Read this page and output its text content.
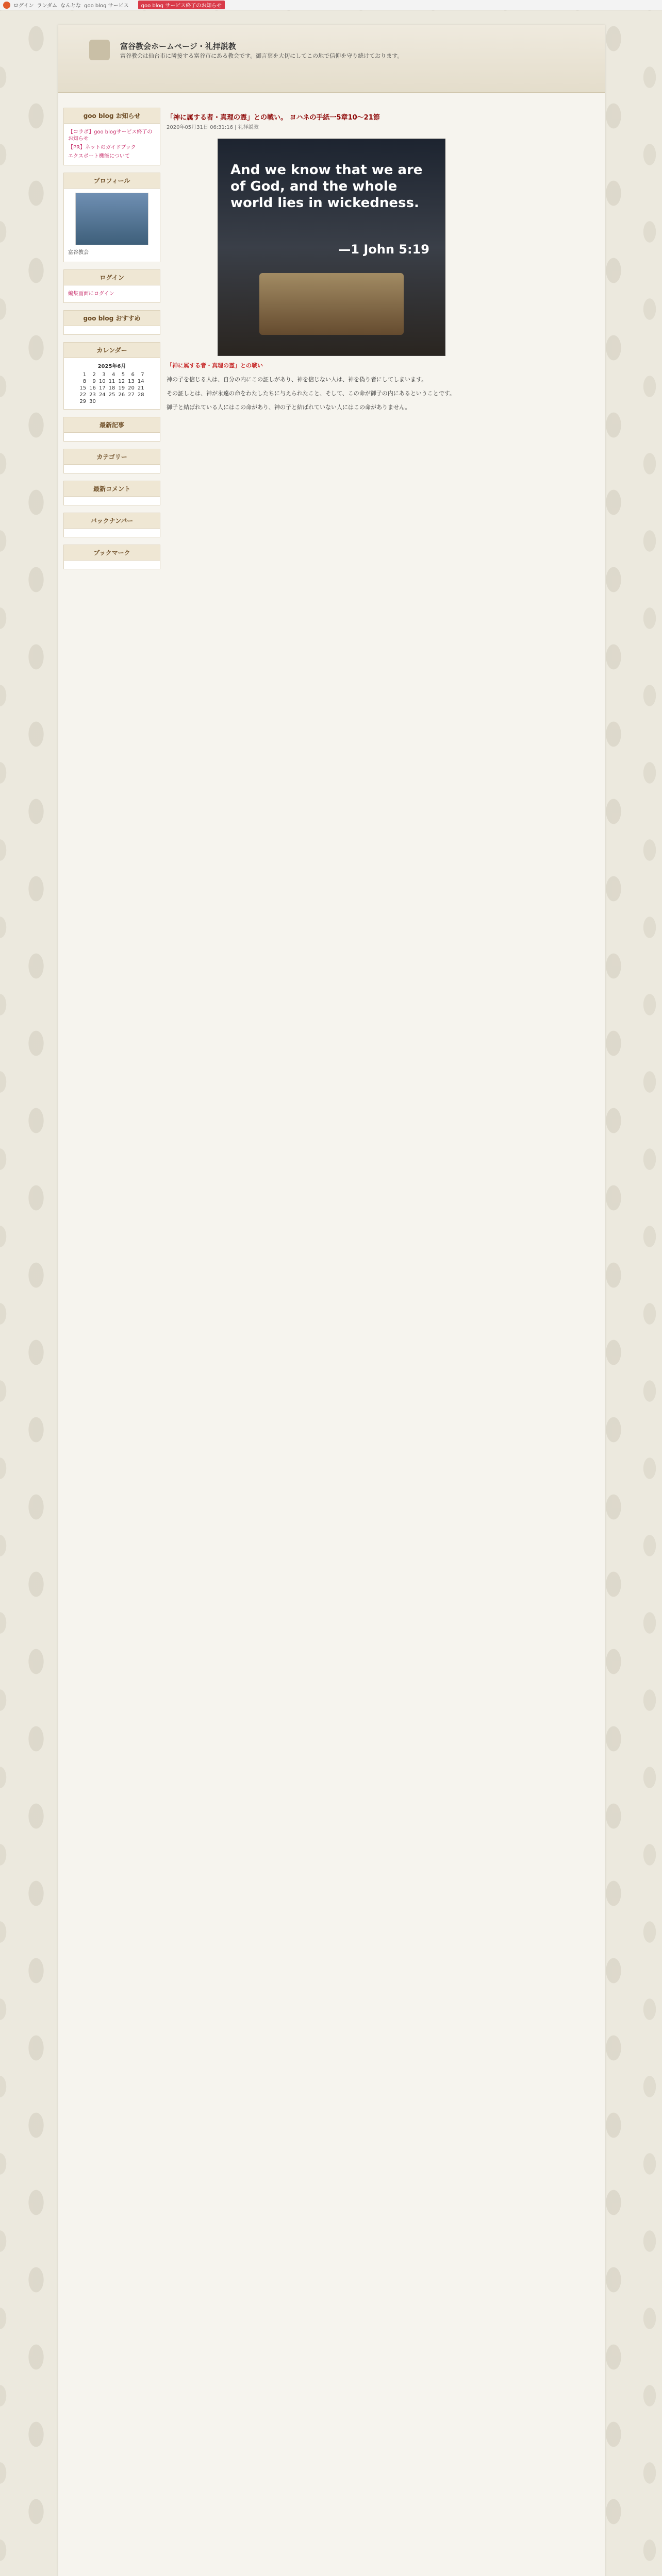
ログイン ランダム なんとな goo blog サービス	goo blog サービス終了のお知らせ
富谷教会ホームページ・礼拝説教
富谷教会は仙台市に隣接する富谷市にある教会です。御言葉を大切にしてこの地で信仰を守り続けております。
goo blog お知らせ
【コラボ】goo blogサービス終了のお知らせ
【PR】ネットのガイドブック
エクスポート機能について
プロフィール

富谷教会

ログイン
編集画面にログイン
goo blog おすすめ
カレンダー

2025年6月

1	2	3	4	5	6	7
8	9	10	11	12	13	14
15	16	17	18	19	20	21
22	23	24	25	26	27	28
29	30					
最新記事
カテゴリー
最新コメント
バックナンバー
ブックマーク
「神に属する者・真理の霊」との戦い。 ヨハネの手紙一5章10〜21節
2020年05月31日 06:31:16 | 礼拝説教
And we know that we are of God, and the whole world lies in wickedness.
—1 John 5:19

「神に属する者・真理の霊」との戦い

神の子を信じる人は、自分の内にこの証しがあり、神を信じない人は、神を偽り者にしてしまいます。

その証しとは、神が永遠の命をわたしたちに与えられたこと、そして、この命が御子の内にあるということです。

御子と結ばれている人にはこの命があり、神の子と結ばれていない人にはこの命がありません。
